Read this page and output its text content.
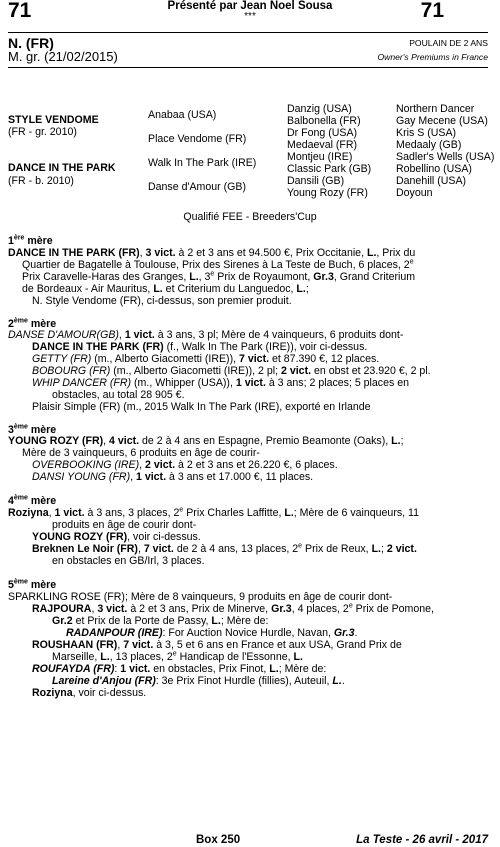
71	71
Présenté par Jean Noel Sousa
***
N. (FR)
M. gr. (21/02/2015)
POULAIN DE 2 ANS
Owner's Premiums in France
STYLE VENDOME
(FR - gr. 2010)
DANCE IN THE PARK
(FR - b. 2010)
Anabaa (USA)
Place Vendome (FR)
Walk In The Park (IRE)
Danse d'Amour (GB)
Danzig (USA)
Balbonella (FR)
Dr Fong (USA)
Medaeval (FR)
Montjeu (IRE)
Classic Park (GB)
Dansili (GB)
Young Rozy (FR)
Northern Dancer
Gay Mecene (USA)
Kris S (USA)
Medaaly (GB)
Sadler's Wells (USA)
Robellino (USA)
Danehill (USA)
Doyoun
Qualifié FEE - Breeders'Cup
1ère mère
DANCE IN THE PARK (FR), 3 vict. à 2 et 3 ans et 94.500 €, Prix Occitanie, L., Prix du
Quartier de Bagatelle à Toulouse, Prix des Sirenes à La Teste de Buch, 6 places, 2e
Prix Caravelle-Haras des Granges, L., 3e Prix de Royaumont, Gr.3, Grand Criterium
de Bordeaux - Air Mauritus, L. et Criterium du Languedoc, L.;
N. Style Vendome (FR), ci-dessus, son premier produit.
2ème mère
DANSE D'AMOUR(GB), 1 vict. à 3 ans, 3 pl; Mère de 4 vainqueurs, 6 produits dont-
DANCE IN THE PARK (FR) (f., Walk In The Park (IRE)), voir ci-dessus.
GETTY (FR) (m., Alberto Giacometti (IRE)), 7 vict. et 87.390 €, 12 places.
BOBOURG (FR) (m., Alberto Giacometti (IRE)), 2 pl; 2 vict. en obst et 23.920 €, 2 pl.
WHIP DANCER (FR) (m., Whipper (USA)), 1 vict. à 3 ans; 2 places; 5 places en
obstacles, au total 28 905 €.
Plaisir Simple (FR) (m., 2015 Walk In The Park (IRE), exporté en Irlande
3ème mère
YOUNG ROZY (FR), 4 vict. de 2 à 4 ans en Espagne, Premio Beamonte (Oaks), L.;
Mère de 3 vainqueurs, 6 produits en âge de courir-
OVERBOOKING (IRE), 2 vict. à 2 et 3 ans et 26.220 €, 6 places.
DANSI YOUNG (FR), 1 vict. à 3 ans et 17.000 €, 11 places.
4ème mère
Roziyna, 1 vict. à 3 ans, 3 places, 2e Prix Charles Laffitte, L.; Mère de 6 vainqueurs, 11
produits en âge de courir dont-
YOUNG ROZY (FR), voir ci-dessus.
Breknen Le Noir (FR), 7 vict. de 2 à 4 ans, 13 places, 2e Prix de Reux, L.; 2 vict.
en obstacles en GB/Irl, 3 places.
5ème mère
SPARKLING ROSE (FR); Mère de 8 vainqueurs, 9 produits en âge de courir dont-
RAJPOURA, 3 vict. à 2 et 3 ans, Prix de Minerve, Gr.3, 4 places, 2e Prix de Pomone,
Gr.2 et Prix de la Porte de Passy, L.; Mère de:
RADANPOUR (IRE): For Auction Novice Hurdle, Navan, Gr.3.
ROUSHAAN (FR), 7 vict. à 3, 5 et 6 ans en France et aux USA, Grand Prix de
Marseille, L., 13 places, 2e Handicap de l'Essonne, L.
ROUFAYDA (FR): 1 vict. en obstacles, Prix Finot, L.; Mère de:
Lareine d'Anjou (FR): 3e Prix Finot Hurdle (fillies), Auteuil, L..
Roziyna, voir ci-dessus.
Box 250	La Teste - 26 avril - 2017
